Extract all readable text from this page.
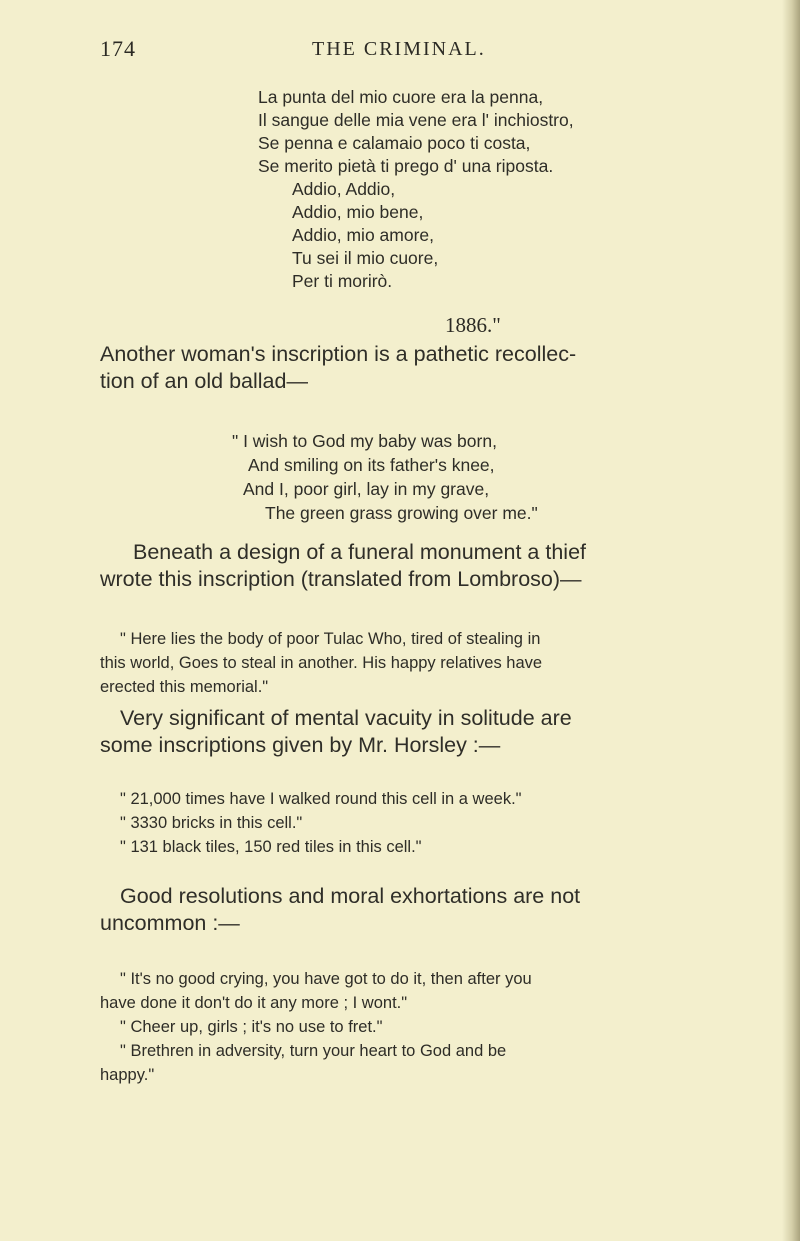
174	THE CRIMINAL.
La punta del mio cuore era la penna,
Il sangue delle mia vene era l' inchiostro,
Se penna e calamaio poco ti costa,
Se merito pietà ti prego d' una riposta.
Addio, Addio,
Addio, mio bene,
Addio, mio amore,
Tu sei il mio cuore,
Per ti morirò.
1886."
Another woman's inscription is a pathetic recollec-
tion of an old ballad—
" I wish to God my baby was born,
And smiling on its father's knee,
And I, poor girl, lay in my grave,
The green grass growing over me."
Beneath a design of a funeral monument a thief
wrote this inscription (translated from Lombroso)—
" Here lies the body of poor Tulac Who, tired of stealing in
this world, Goes to steal in another. His happy relatives have
erected this memorial."
Very significant of mental vacuity in solitude are
some inscriptions given by Mr. Horsley :—
" 21,000 times have I walked round this cell in a week."
" 3330 bricks in this cell."
" 131 black tiles, 150 red tiles in this cell."
Good resolutions and moral exhortations are not
uncommon :—
" It's no good crying, you have got to do it, then after you
have done it don't do it any more ; I wont."
" Cheer up, girls ; it's no use to fret."
" Brethren in adversity, turn your heart to God and be
happy."
